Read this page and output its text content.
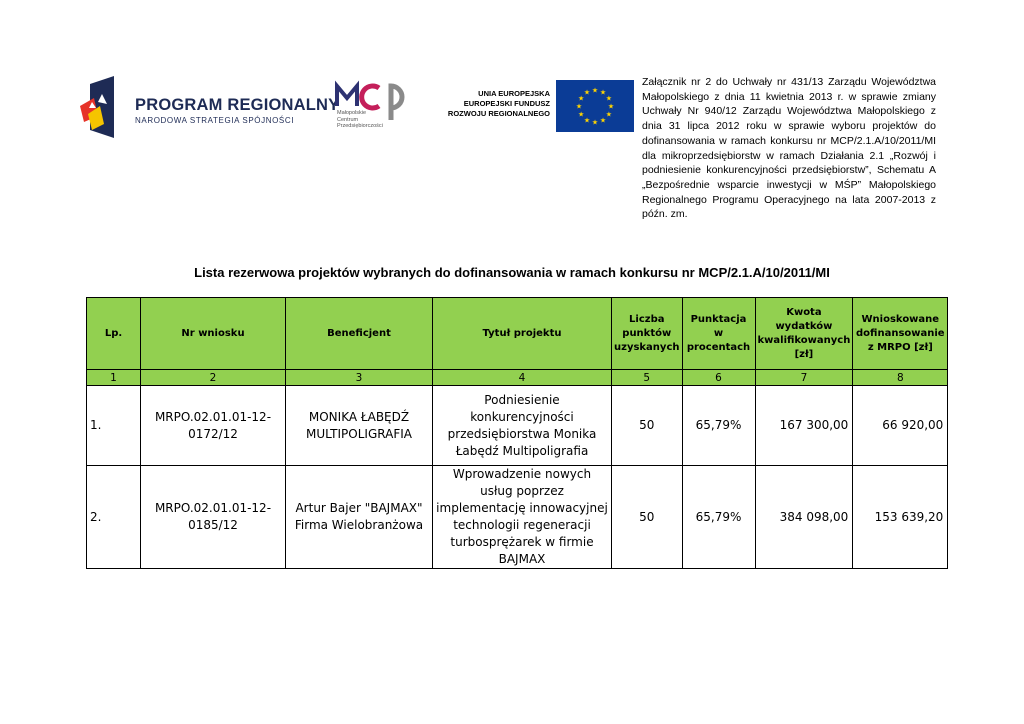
PROGRAM REGIONALNY
NARODOWA STRATEGIA SPÓJNOŚCI
Małopolskie
Centrum
Przedsiębiorczości
UNIA EUROPEJSKA
EUROPEJSKI FUNDUSZ
ROZWOJU REGIONALNEGO
★ ★
★
★
★
★
★
★
★
★
★
★
Załącznik nr 2 do Uchwały nr 431/13 Zarządu Województwa Małopolskiego z dnia 11 kwietnia 2013 r. w sprawie zmiany Uchwały Nr 940/12 Zarządu Województwa Małopolskiego z dnia 31 lipca 2012 roku w sprawie wyboru projektów do dofinansowania w ramach konkursu nr MCP/2.1.A/10/2011/MI dla mikroprzedsiębiorstw w ramach Działania 2.1 „Rozwój i podniesienie konkurencyjności przedsiębiorstw”, Schematu A „Bezpośrednie wsparcie inwestycji w MŚP” Małopolskiego Regionalnego Programu Operacyjnego na lata 2007-2013 z późn. zm.
Lista rezerwowa projektów wybranych do dofinansowania w ramach konkursu nr MCP/2.1.A/10/2011/MI
Lp.	Nr wniosku	Beneficjent	Tytuł projektu	Liczba punktów uzyskanych	Punktacja w procentach	Kwota wydatków kwalifikowanych [zł]	Wnioskowane dofinansowanie z MRPO [zł]
1	2	3	4	5	6	7	8
1.	MRPO.02.01.01-12-0172/12	MONIKA ŁABĘDŹ MULTIPOLIGRAFIA	Podniesienie konkurencyjności przedsiębiorstwa Monika Łabędź Multipoligrafia	50	65,79%	167 300,00	66 920,00
2.	MRPO.02.01.01-12-0185/12	Artur Bajer "BAJMAX" Firma Wielobranżowa	Wprowadzenie nowych usług poprzez implementację innowacyjnej technologii regeneracji turbosprężarek w firmie BAJMAX	50	65,79%	384 098,00	153 639,20
